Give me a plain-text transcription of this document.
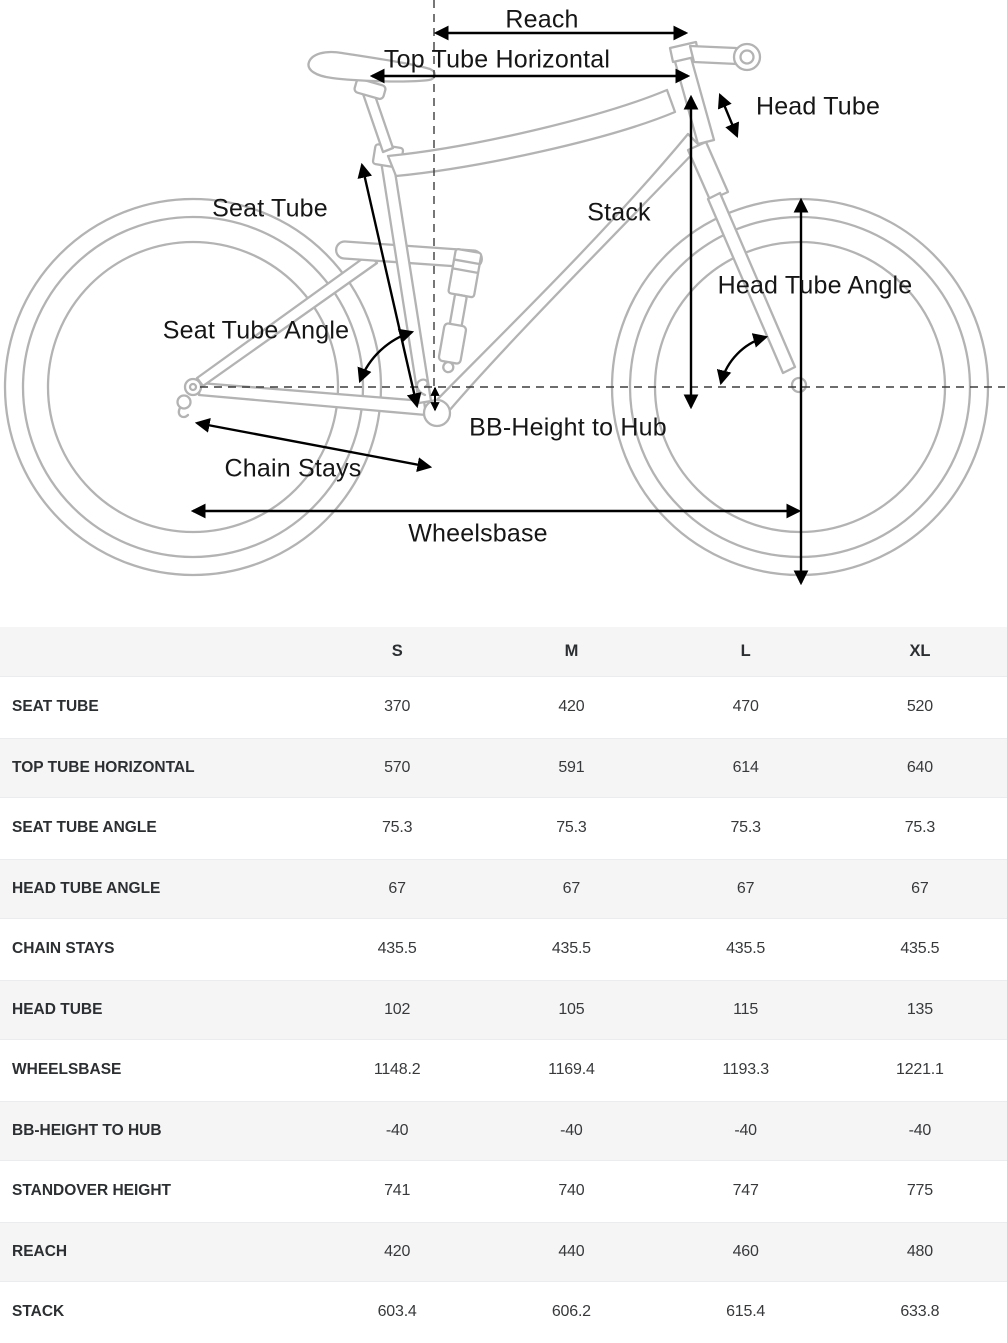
Reach
Top Tube Horizontal
Head Tube
Seat Tube	Stack
Head Tube Angle
Seat Tube Angle
BB-Height to Hub
Chain Stays
Wheelsbase
S	M	L	XL
SEAT TUBE	370	420	470	520
TOP TUBE HORIZONTAL	570	591	614	640
SEAT TUBE ANGLE	75.3	75.3	75.3	75.3
HEAD TUBE ANGLE	67	67	67	67
CHAIN STAYS	435.5	435.5	435.5	435.5
HEAD TUBE	102	105	115	135
WHEELSBASE	1148.2	1169.4	1193.3	1221.1
BB-HEIGHT TO HUB	-40	-40	-40	-40
STANDOVER HEIGHT	741	740	747	775
REACH	420	440	460	480
STACK	603.4	606.2	615.4	633.8
